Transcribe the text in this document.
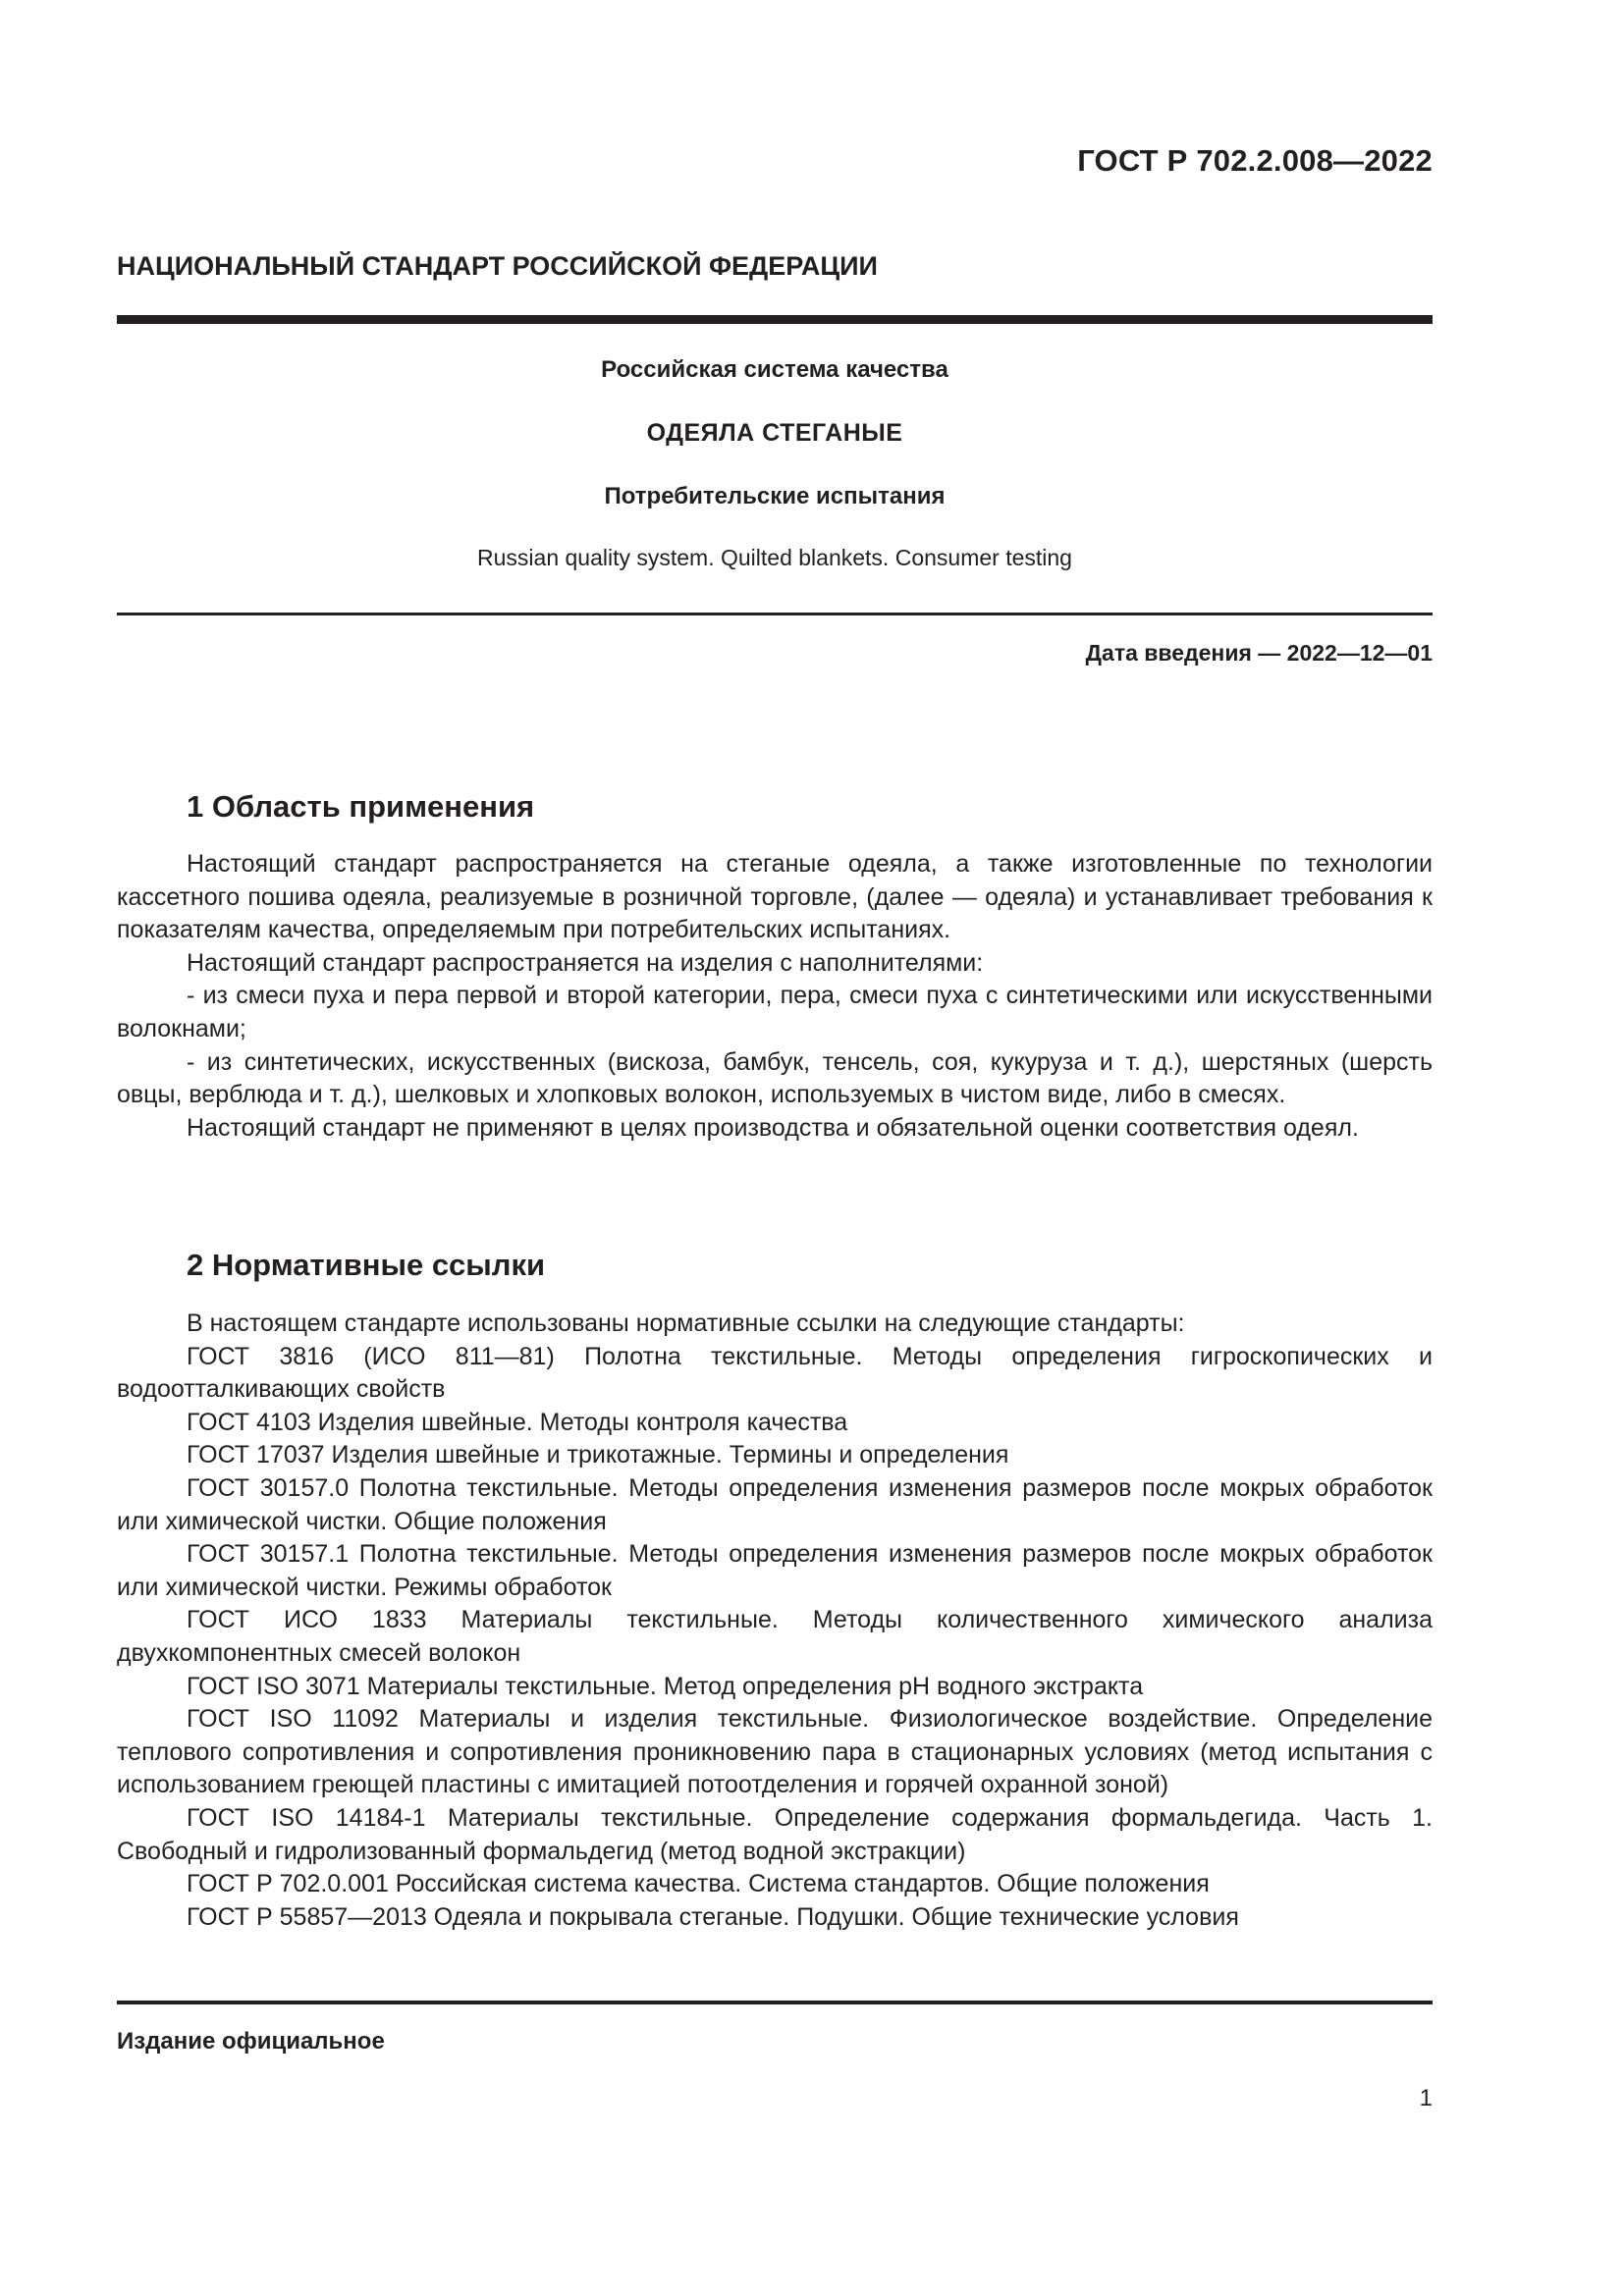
ГОСТ Р 702.2.008—2022
НАЦИОНАЛЬНЫЙ СТАНДАРТ РОССИЙСКОЙ ФЕДЕРАЦИИ
Российская система качества
ОДЕЯЛА СТЕГАНЫЕ
Потребительские испытания
Russian quality system. Quilted blankets. Consumer testing
Дата введения — 2022—12—01
1 Область применения

Настоящий стандарт распространяется на стеганые одеяла, а также изготовленные по технологии кассетного пошива одеяла, реализуемые в розничной торговле, (далее — одеяла) и устанавливает требования к показателям качества, определяемым при потребительских испытаниях.

Настоящий стандарт распространяется на изделия с наполнителями:

- из смеси пуха и пера первой и второй категории, пера, смеси пуха с синтетическими или искусственными волокнами;

- из синтетических, искусственных (вискоза, бамбук, тенсель, соя, кукуруза и т. д.), шерстяных (шерсть овцы, верблюда и т. д.), шелковых и хлопковых волокон, используемых в чистом виде, либо в смесях.

Настоящий стандарт не применяют в целях производства и обязательной оценки соответствия одеял.

2 Нормативные ссылки

В настоящем стандарте использованы нормативные ссылки на следующие стандарты:

ГОСТ 3816 (ИСО 811—81) Полотна текстильные. Методы определения гигроскопических и водоотталкивающих свойств

ГОСТ 4103 Изделия швейные. Методы контроля качества

ГОСТ 17037 Изделия швейные и трикотажные. Термины и определения

ГОСТ 30157.0 Полотна текстильные. Методы определения изменения размеров после мокрых обработок или химической чистки. Общие положения

ГОСТ 30157.1 Полотна текстильные. Методы определения изменения размеров после мокрых обработок или химической чистки. Режимы обработок

ГОСТ ИСО 1833 Материалы текстильные. Методы количественного химического анализа двухкомпонентных смесей волокон

ГОСТ ISO 3071 Материалы текстильные. Метод определения pH водного экстракта

ГОСТ ISO 11092 Материалы и изделия текстильные. Физиологическое воздействие. Определение теплового сопротивления и сопротивления проникновению пара в стационарных условиях (метод испытания с использованием греющей пластины с имитацией потоотделения и горячей охранной зоной)

ГОСТ ISO 14184-1 Материалы текстильные. Определение содержания формальдегида. Часть 1. Свободный и гидролизованный формальдегид (метод водной экстракции)

ГОСТ Р 702.0.001 Российская система качества. Система стандартов. Общие положения

ГОСТ Р 55857—2013 Одеяла и покрывала стеганые. Подушки. Общие технические условия

Издание официальное
1
